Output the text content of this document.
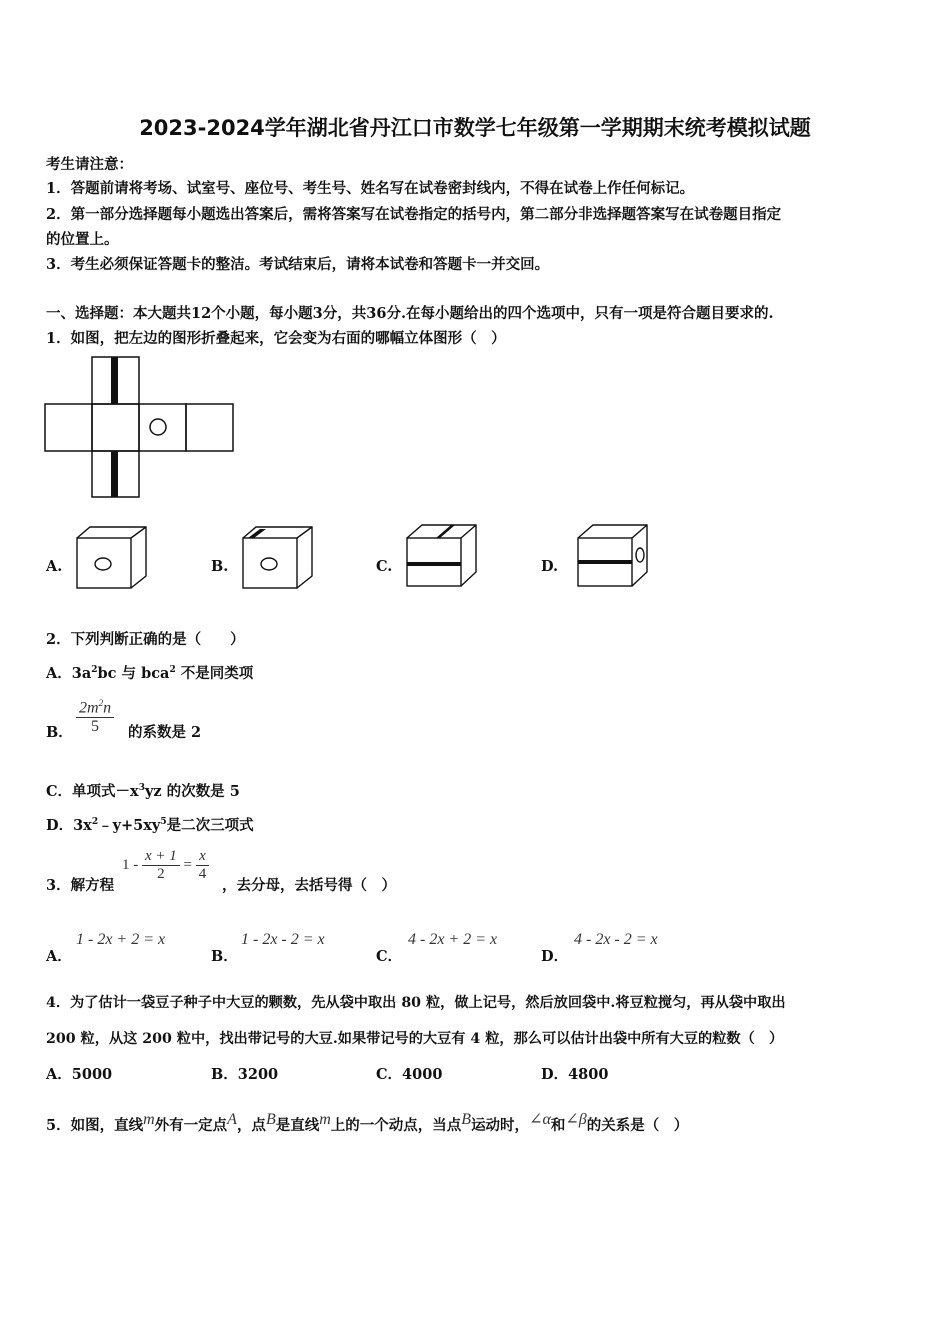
2023-2024学年湖北省丹江口市数学七年级第一学期期末统考模拟试题
考生请注意：
1．答题前请将考场、试室号、座位号、考生号、姓名写在试卷密封线内，不得在试卷上作任何标记。
2．第一部分选择题每小题选出答案后，需将答案写在试卷指定的括号内，第二部分非选择题答案写在试卷题目指定
的位置上。
3．考生必须保证答题卡的整洁。考试结束后，请将本试卷和答题卡一并交回。
一、选择题：本大题共12个小题，每小题3分，共36分.在每小题给出的四个选项中，只有一项是符合题目要求的.
1．如图，把左边的图形折叠起来，它会变为右面的哪幅立体图形（　）
A.	B.	C.	D.
2．下列判断正确的是（　　）
A．$3a^2bc$ 与 bca$^2$ 不是同类项
B． $\frac{2m^2n}{5}$ 的系数是 2
C．单项式$-x^3yz$ 的次数是 5
D．$3x^2﹣y+5xy^5$是二次三项式
3．解方程
$1 - \frac{x + 1}{2} = \frac{x}{4}$
，去分母，去括号得（　）
A．
1 - 2x + 2 = x
B．
1 - 2x - 2 = x
C．
4 - 2x + 2 = x
D．
4 - 2x - 2 = x
4．为了估计一袋豆子种子中大豆的颗数，先从袋中取出 80 粒，做上记号，然后放回袋中.将豆粒搅匀，再从袋中取出
200 粒，从这 200 粒中，找出带记号的大豆.如果带记号的大豆有 4 粒，那么可以估计出袋中所有大豆的粒数（　）
A．5000	B．3200	C．4000	D．4800
5．如图，直线m外有一定点A，点B是直线m上的一个动点，当点B运动时，∠α和∠β的关系是（　）
